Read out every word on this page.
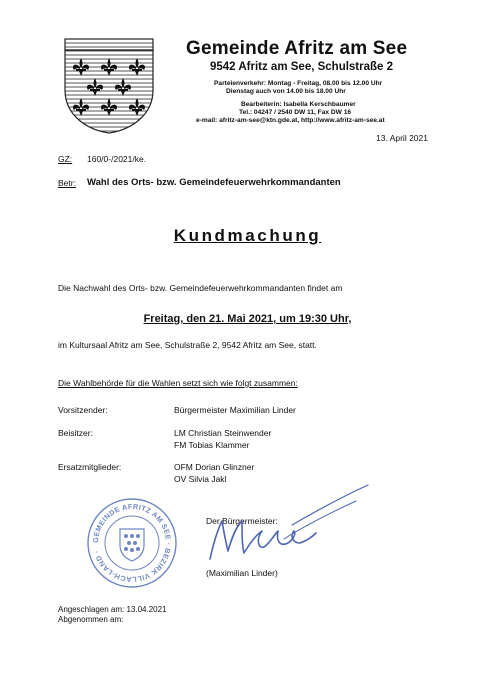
Gemeinde Afritz am See
9542 Afritz am See, Schulstraße 2
Parteienverkehr: Montag - Freitag, 08.00 bis 12.00 Uhr
Dienstag auch von 14.00 bis 18.00 Uhr
Bearbeiterin: Isabella Kerschbaumer
Tel.: 04247 / 2540 DW 11, Fax DW 16
e-mail: afritz-am-see@ktn.gde.at, http://www.afritz-am-see.at
13. April 2021
GZ: 160/0-/2021/ke.
Betr: Wahl des Orts- bzw. Gemeindefeuerwehrkommandanten
Kundmachung
Die Nachwahl des Orts- bzw. Gemeindefeuerwehrkommandanten findet am
Freitag, den 21. Mai 2021, um 19:30 Uhr,
im Kultursaal Afritz am See, Schulstraße 2, 9542 Afritz am See, statt.
Die Wahlbehörde für die Wahlen setzt sich wie folgt zusammen:
Vorsitzender:	Bürgermeister Maximilian Linder
Beisitzer:	LM Christian Steinwender
FM Tobias Klammer
Ersatzmitglieder:	OFM Dorian Glinzner
OV Silvia Jakl
GEMEINDE AFRITZ AM SEE · BEZIRK VILLACH-LAND ·
Der Bürgermeister:
(Maximilian Linder)
Angeschlagen am: 13.04.2021
Abgenommen am:
